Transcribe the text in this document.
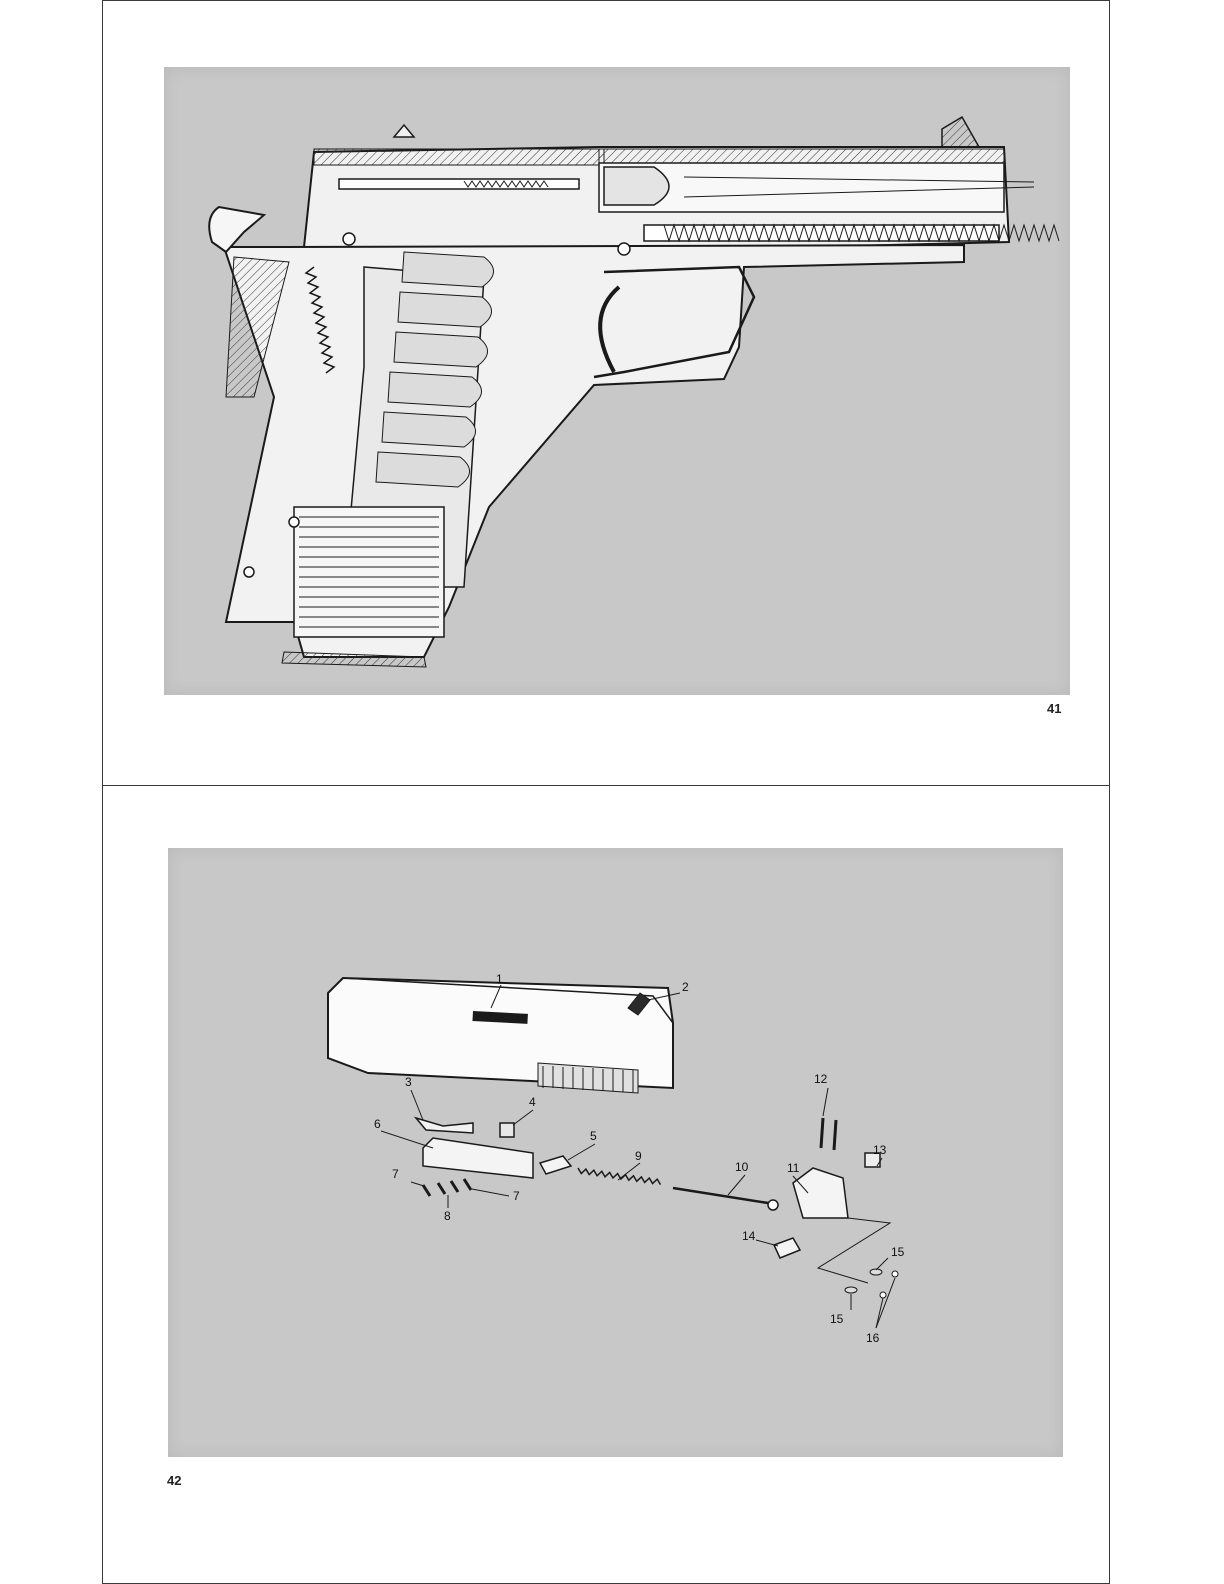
41
1
2
3
4
6
5
7
7
8
9
10	11
12
13
14
15
15
16
42
